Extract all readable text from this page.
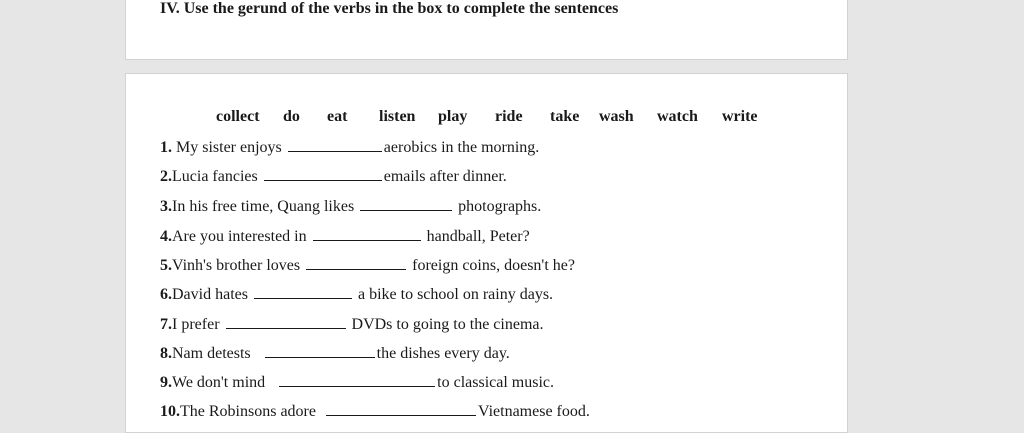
IV. Use the gerund of the verbs in the box to complete the sentences
collect do eat listen play ride take wash watch write
1. My sister enjoys	aerobics in the morning.
2.Lucia fancies	emails after dinner.
3.In his free time, Quang likes	photographs.
4.Are you interested in	handball, Peter?
5.Vinh's brother loves	foreign coins, doesn't he?
6.David hates	a bike to school on rainy days.
7.I prefer	DVDs to going to the cinema.
8.Nam detests	the dishes every day.
9.We don't mind	to classical music.
10.The Robinsons adore	Vietnamese food.
